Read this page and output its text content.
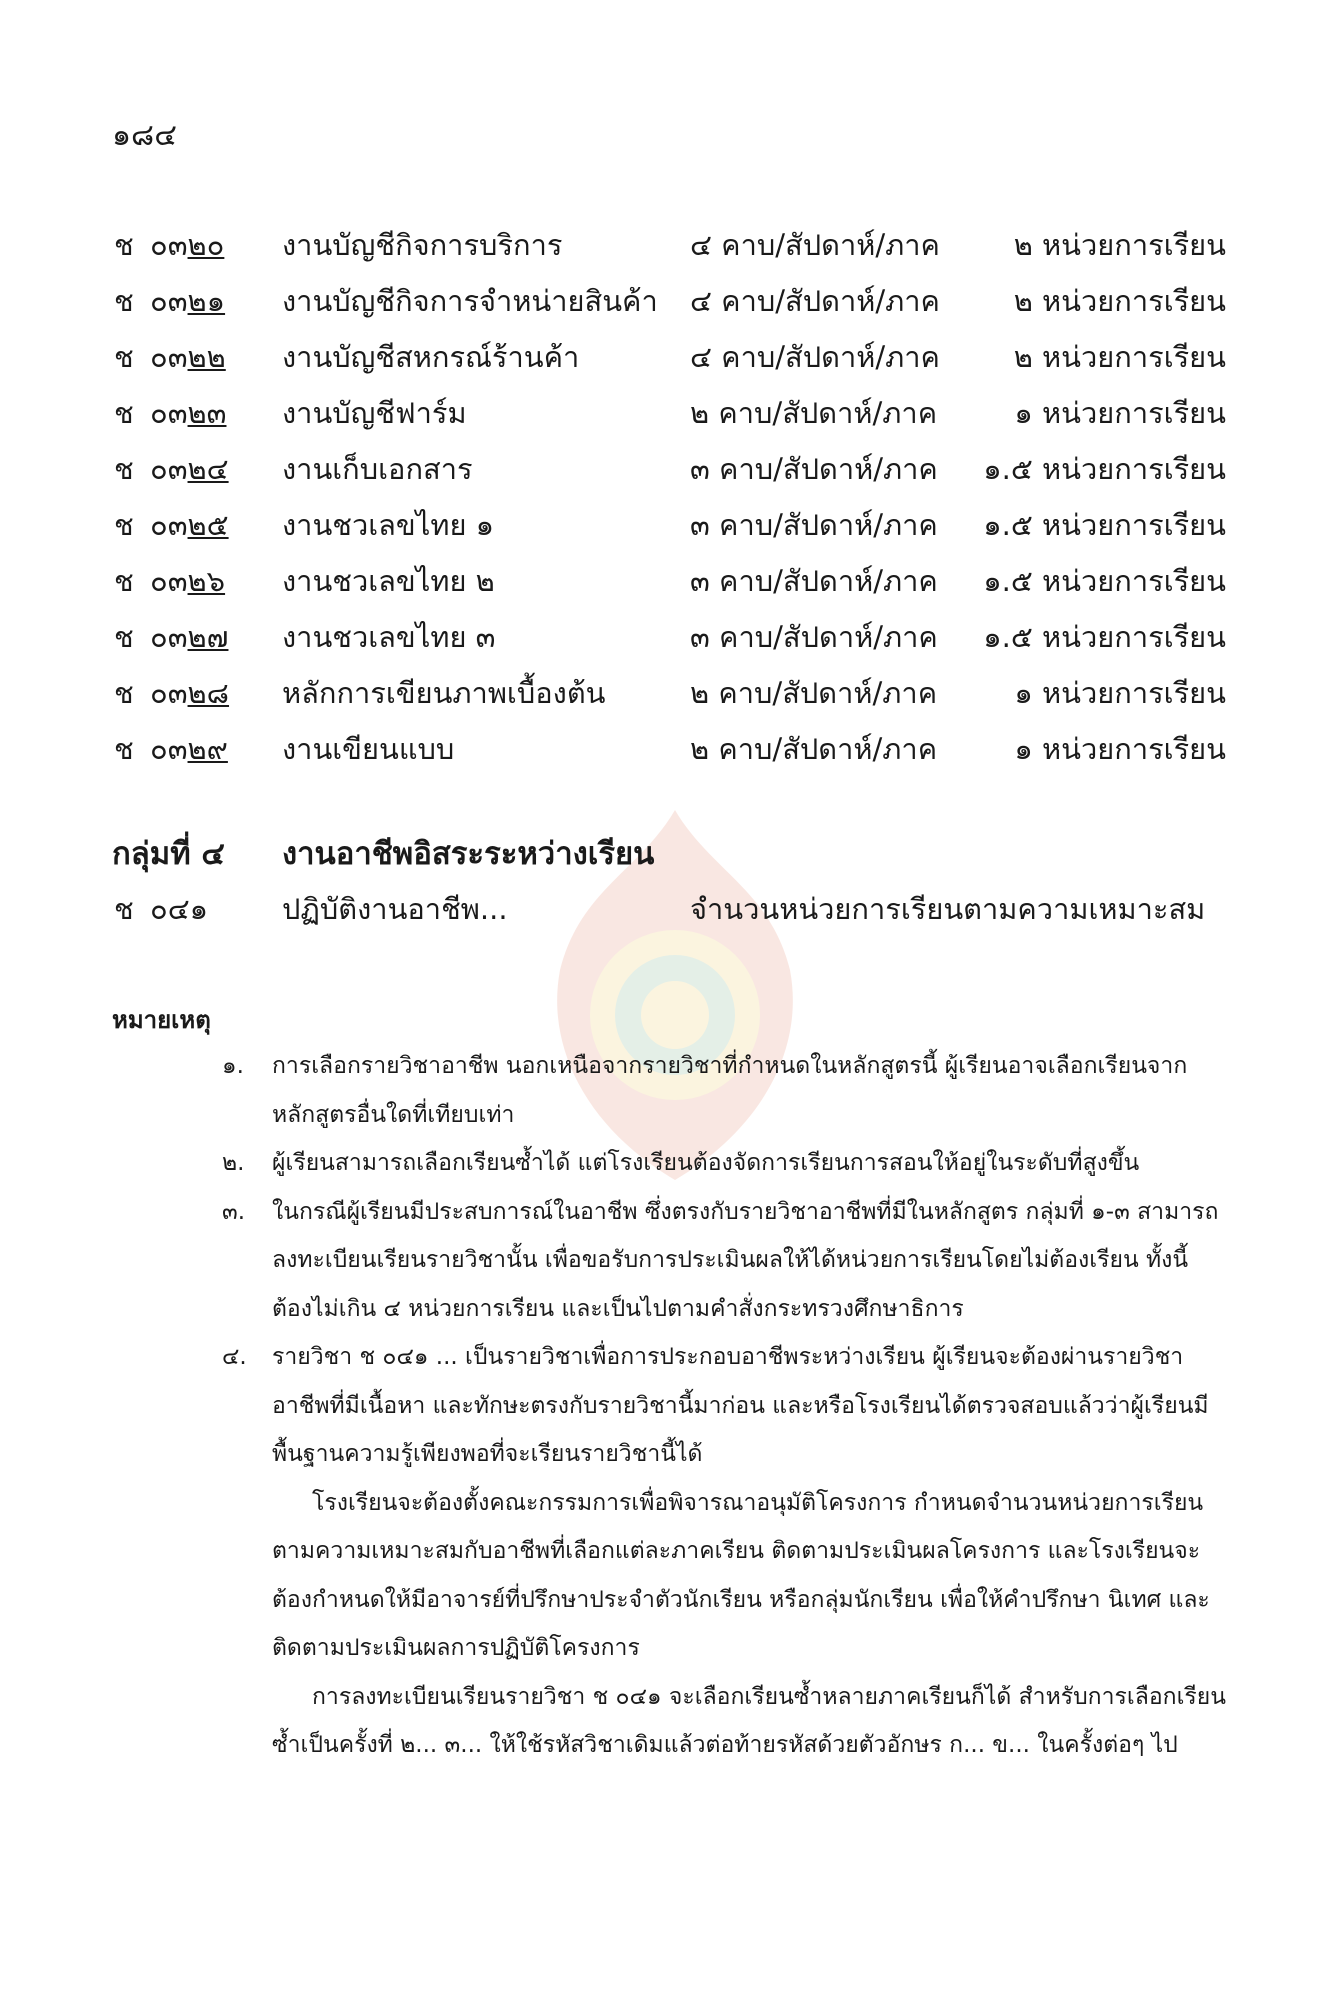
๑๘๔
ช ๐๓๒๐ งานบัญชีกิจการบริการ	๔ คาบ/สัปดาห์/ภาค	๒ หน่วยการเรียน
ช ๐๓๒๑ งานบัญชีกิจการจำหน่ายสินค้า ๔ คาบ/สัปดาห์/ภาค	๒ หน่วยการเรียน
ช ๐๓๒๒ งานบัญชีสหกรณ์ร้านค้า	๔ คาบ/สัปดาห์/ภาค	๒ หน่วยการเรียน
ช ๐๓๒๓ งานบัญชีฟาร์ม	๒ คาบ/สัปดาห์/ภาค	๑ หน่วยการเรียน
ช ๐๓๒๔ งานเก็บเอกสาร	๓ คาบ/สัปดาห์/ภาค ๑.๕ หน่วยการเรียน
ช ๐๓๒๕ งานชวเลขไทย ๑	๓ คาบ/สัปดาห์/ภาค ๑.๕ หน่วยการเรียน
ช ๐๓๒๖ งานชวเลขไทย ๒	๓ คาบ/สัปดาห์/ภาค ๑.๕ หน่วยการเรียน
ช ๐๓๒๗ งานชวเลขไทย ๓	๓ คาบ/สัปดาห์/ภาค ๑.๕ หน่วยการเรียน
ช ๐๓๒๘ หลักการเขียนภาพเบื้องต้น	๒ คาบ/สัปดาห์/ภาค	๑ หน่วยการเรียน
ช ๐๓๒๙ งานเขียนแบบ	๒ คาบ/สัปดาห์/ภาค	๑ หน่วยการเรียน
กลุ่มที่ ๔ งานอาชีพอิสระระหว่างเรียน
ช ๐๔๑	ปฏิบัติงานอาชีพ...	จำนวนหน่วยการเรียนตามความเหมาะสม
หมายเหตุ
๑. การเลือกรายวิชาอาชีพ นอกเหนือจากรายวิชาที่กำหนดในหลักสูตรนี้ ผู้เรียนอาจเลือกเรียนจากหลักสูตรอื่นใดที่เทียบเท่า
๒. ผู้เรียนสามารถเลือกเรียนซ้ำได้ แต่โรงเรียนต้องจัดการเรียนการสอนให้อยู่ในระดับที่สูงขึ้น
๓. ในกรณีผู้เรียนมีประสบการณ์ในอาชีพ ซึ่งตรงกับรายวิชาอาชีพที่มีในหลักสูตร กลุ่มที่ ๑-๓ สามารถลงทะเบียนเรียนรายวิชานั้น เพื่อขอรับการประเมินผลให้ได้หน่วยการเรียนโดยไม่ต้องเรียน ทั้งนี้ต้องไม่เกิน ๔ หน่วยการเรียน และเป็นไปตามคำสั่งกระทรวงศึกษาธิการ
๔. รายวิชา ช ๐๔๑ ... เป็นรายวิชาเพื่อการประกอบอาชีพระหว่างเรียน ผู้เรียนจะต้องผ่านรายวิชาอาชีพที่มีเนื้อหา และทักษะตรงกับรายวิชานี้มาก่อน และหรือโรงเรียนได้ตรวจสอบแล้วว่าผู้เรียนมีพื้นฐานความรู้เพียงพอที่จะเรียนรายวิชานี้ได้
โรงเรียนจะต้องตั้งคณะกรรมการเพื่อพิจารณาอนุมัติโครงการ กำหนดจำนวนหน่วยการเรียนตามความเหมาะสมกับอาชีพที่เลือกแต่ละภาคเรียน ติดตามประเมินผลโครงการ และโรงเรียนจะต้องกำหนดให้มีอาจารย์ที่ปรึกษาประจำตัวนักเรียน หรือกลุ่มนักเรียน เพื่อให้คำปรึกษา นิเทศ และติดตามประเมินผลการปฏิบัติโครงการ
การลงทะเบียนเรียนรายวิชา ช ๐๔๑ จะเลือกเรียนซ้ำหลายภาคเรียนก็ได้ สำหรับการเลือกเรียนซ้ำเป็นครั้งที่ ๒... ๓... ให้ใช้รหัสวิชาเดิมแล้วต่อท้ายรหัสด้วยตัวอักษร ก... ข... ในครั้งต่อๆ ไป
